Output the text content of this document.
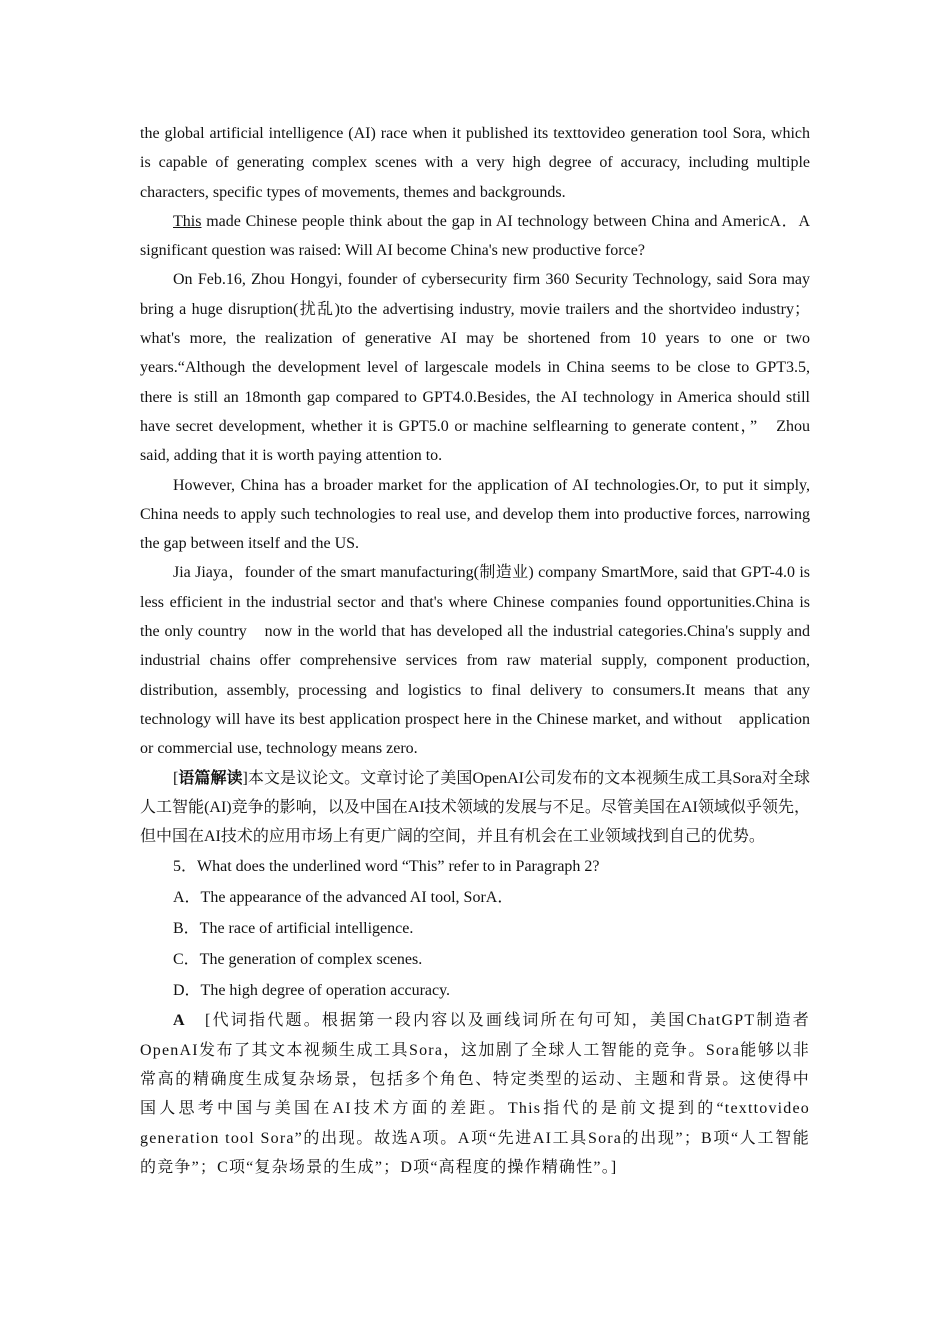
the global artificial intelligence (AI) race when it published its texttovideo generation tool Sora, which is capable of generating complex scenes with a very high degree of accuracy, including multiple characters, specific types of movements, themes and backgrounds.

This made Chinese people think about the gap in AI technology between China and AmericA．A significant question was raised: Will AI become China's new productive force?

On Feb.16, Zhou Hongyi, founder of cybersecurity firm 360 Security Technology, said Sora may bring a huge disruption(扰乱)to the advertising industry, movie trailers and the shortvideo industry；what's more, the realization of generative AI may be shortened from 10 years to one or two years.“Although the development level of largescale models in China seems to be close to GPT3.5, there is still an 18month gap compared to GPT4.0.Besides, the AI technology in America should still have secret development, whether it is GPT5.0 or machine selflearning to generate content，”　Zhou said, adding that it is worth paying attention to.

However, China has a broader market for the application of AI technologies.Or, to put it simply, China needs to apply such technologies to real use, and develop them into productive forces, narrowing the gap between itself and the US.

Jia Jiaya，founder of the smart manufacturing(制造业) company SmartMore, said that GPT-4.0 is less efficient in the industrial sector and that's where Chinese companies found opportunities.China is the only country　now in the world that has developed all the industrial categories.China's supply and industrial chains offer comprehensive services from raw material supply, component production, distribution, assembly, processing and logistics to final delivery to consumers.It means that any technology will have its best application prospect here in the Chinese market, and without　application or commercial use, technology means zero.

[语篇解读]本文是议论文。文章讨论了美国OpenAI公司发布的文本视频生成工具Sora对全球人工智能(AI)竞争的影响，以及中国在AI技术领域的发展与不足。尽管美国在AI领域似乎领先，但中国在AI技术的应用市场上有更广阔的空间，并且有机会在工业领域找到自己的优势。

5．What does the underlined word “This” refer to in Paragraph 2?

A．The appearance of the advanced AI tool, SorA．

B．The race of artificial intelligence.

C．The generation of complex scenes.

D．The high degree of operation accuracy.

A　[代词指代题。根据第一段内容以及画线词所在句可知，美国ChatGPT制造者OpenAI发布了其文本视频生成工具Sora，这加剧了全球人工智能的竞争。Sora能够以非常高的精确度生成复杂场景，包括多个角色、特定类型的运动、主题和背景。这使得中国人思考中国与美国在AI技术方面的差距。This指代的是前文提到的“texttovideo generation tool Sora”的出现。故选A项。A项“先进AI工具Sora的出现”；B项“人工智能的竞争”；C项“复杂场景的生成”；D项“高程度的操作精确性”。]
